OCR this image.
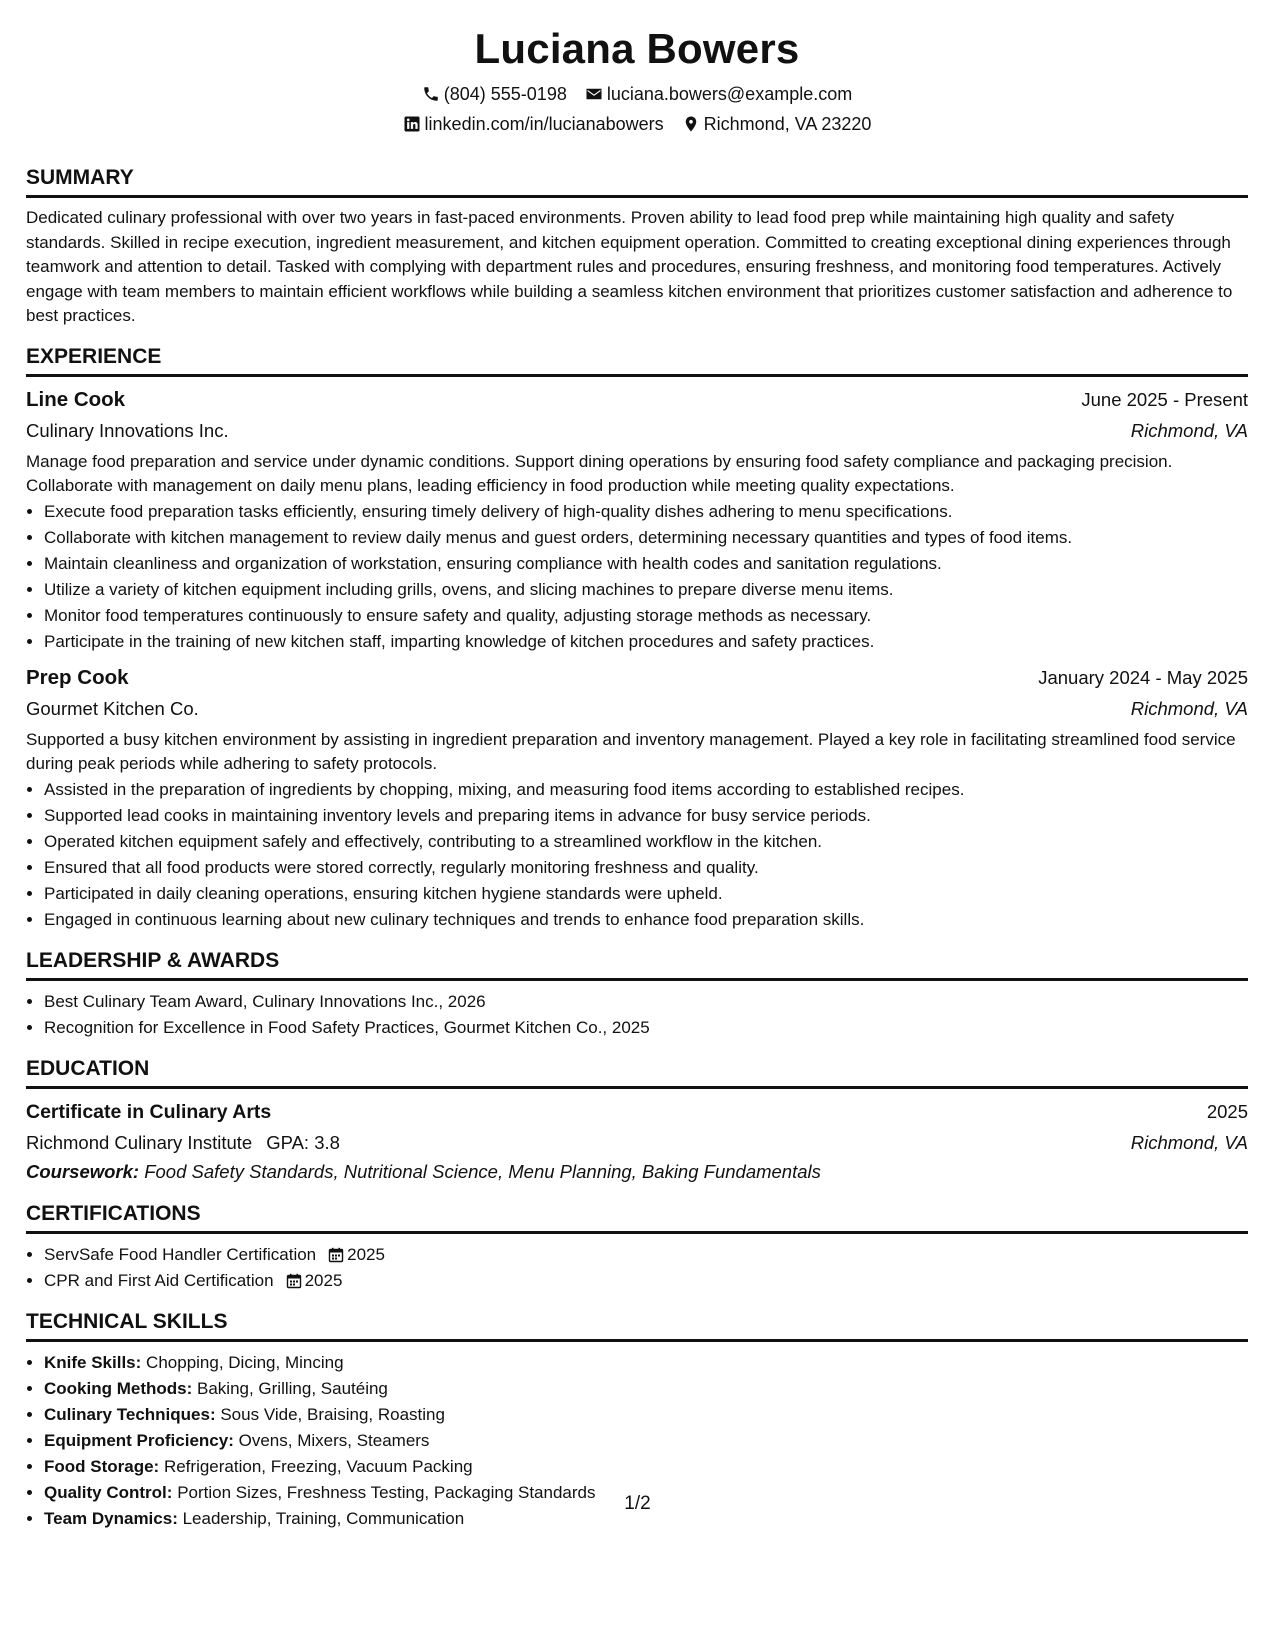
Luciana Bowers
(804) 555-0198 luciana.bowers@example.com
linkedin.com/in/lucianabowers Richmond, VA 23220
SUMMARY
Dedicated culinary professional with over two years in fast-paced environments. Proven ability to lead food prep while maintaining high quality and safety standards. Skilled in recipe execution, ingredient measurement, and kitchen equipment operation. Committed to creating exceptional dining experiences through teamwork and attention to detail. Tasked with complying with department rules and procedures, ensuring freshness, and monitoring food temperatures. Actively engage with team members to maintain efficient workflows while building a seamless kitchen environment that prioritizes customer satisfaction and adherence to best practices.
EXPERIENCE
Line Cook	June 2025 - Present
Culinary Innovations Inc.	Richmond, VA
Manage food preparation and service under dynamic conditions. Support dining operations by ensuring food safety compliance and packaging precision. Collaborate with management on daily menu plans, leading efficiency in food production while meeting quality expectations.
• Execute food preparation tasks efficiently, ensuring timely delivery of high-quality dishes adhering to menu specifications.
• Collaborate with kitchen management to review daily menus and guest orders, determining necessary quantities and types of food items.
• Maintain cleanliness and organization of workstation, ensuring compliance with health codes and sanitation regulations.
• Utilize a variety of kitchen equipment including grills, ovens, and slicing machines to prepare diverse menu items.
• Monitor food temperatures continuously to ensure safety and quality, adjusting storage methods as necessary.
• Participate in the training of new kitchen staff, imparting knowledge of kitchen procedures and safety practices.
Prep Cook	January 2024 - May 2025
Gourmet Kitchen Co.	Richmond, VA
Supported a busy kitchen environment by assisting in ingredient preparation and inventory management. Played a key role in facilitating streamlined food service during peak periods while adhering to safety protocols.
• Assisted in the preparation of ingredients by chopping, mixing, and measuring food items according to established recipes.
• Supported lead cooks in maintaining inventory levels and preparing items in advance for busy service periods.
• Operated kitchen equipment safely and effectively, contributing to a streamlined workflow in the kitchen.
• Ensured that all food products were stored correctly, regularly monitoring freshness and quality.
• Participated in daily cleaning operations, ensuring kitchen hygiene standards were upheld.
• Engaged in continuous learning about new culinary techniques and trends to enhance food preparation skills.
LEADERSHIP & AWARDS
• Best Culinary Team Award, Culinary Innovations Inc., 2026
• Recognition for Excellence in Food Safety Practices, Gourmet Kitchen Co., 2025
EDUCATION
Certificate in Culinary Arts	2025
Richmond Culinary Institute GPA: 3.8	Richmond, VA
Coursework: Food Safety Standards, Nutritional Science, Menu Planning, Baking Fundamentals
CERTIFICATIONS
• ServSafe Food Handler Certification 2025
• CPR and First Aid Certification 2025
TECHNICAL SKILLS
• Knife Skills: Chopping, Dicing, Mincing
• Cooking Methods: Baking, Grilling, Sautéing
• Culinary Techniques: Sous Vide, Braising, Roasting
• Equipment Proficiency: Ovens, Mixers, Steamers
• Food Storage: Refrigeration, Freezing, Vacuum Packing
• Quality Control: Portion Sizes, Freshness Testing, Packaging Standards
• Team Dynamics: Leadership, Training, Communication
1/2
